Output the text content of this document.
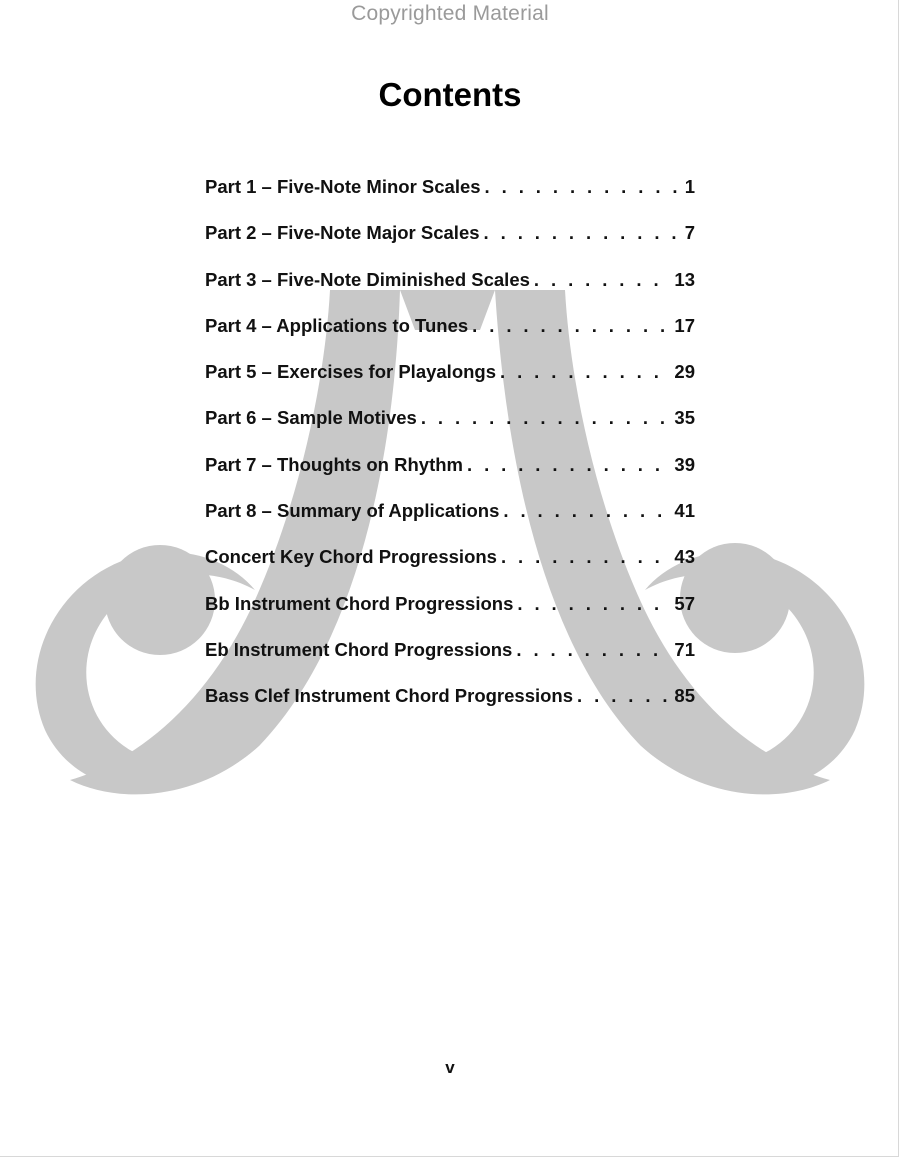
Copyrighted Material
Contents
Part 1 – Five-Note Minor Scales . . .	1
Part 2 – Five-Note Major Scales . . .	7
Part 3 – Five-Note Diminished Scales . . .	13
Part 4 – Applications to Tunes . . .	17
Part 5 – Exercises for Playalongs . . .	29
Part 6 – Sample Motives . . .	35
Part 7 – Thoughts on Rhythm . . .	39
Part 8 – Summary of Applications . . .	41
Concert Key Chord Progressions . . .	43
Bb Instrument Chord Progressions . . .	57
Eb Instrument Chord Progressions . . .	71
Bass Clef Instrument Chord Progressions . . .	85
v
